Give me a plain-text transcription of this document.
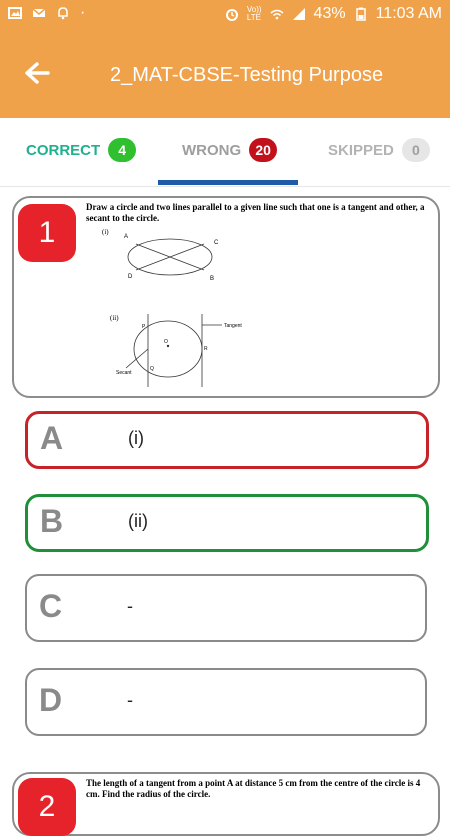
·	Vo))
LTE	43% 11:03 AM
2_MAT-CBSE-Testing Purpose
CORRECT	4	WRONG	20	SKIPPED	0
1
Draw a circle and two lines parallel to a given line such that one is a tangent and other, a secant to the circle.
(i)
A
C
D	B
(ii)
O
P
Q
R
Tangent
Secant
A	(i)
B	(ii)
C	-
D	-
2
The length of a tangent from a point A at distance 5 cm from the centre of the circle is 4 cm. Find the radius of the circle.
